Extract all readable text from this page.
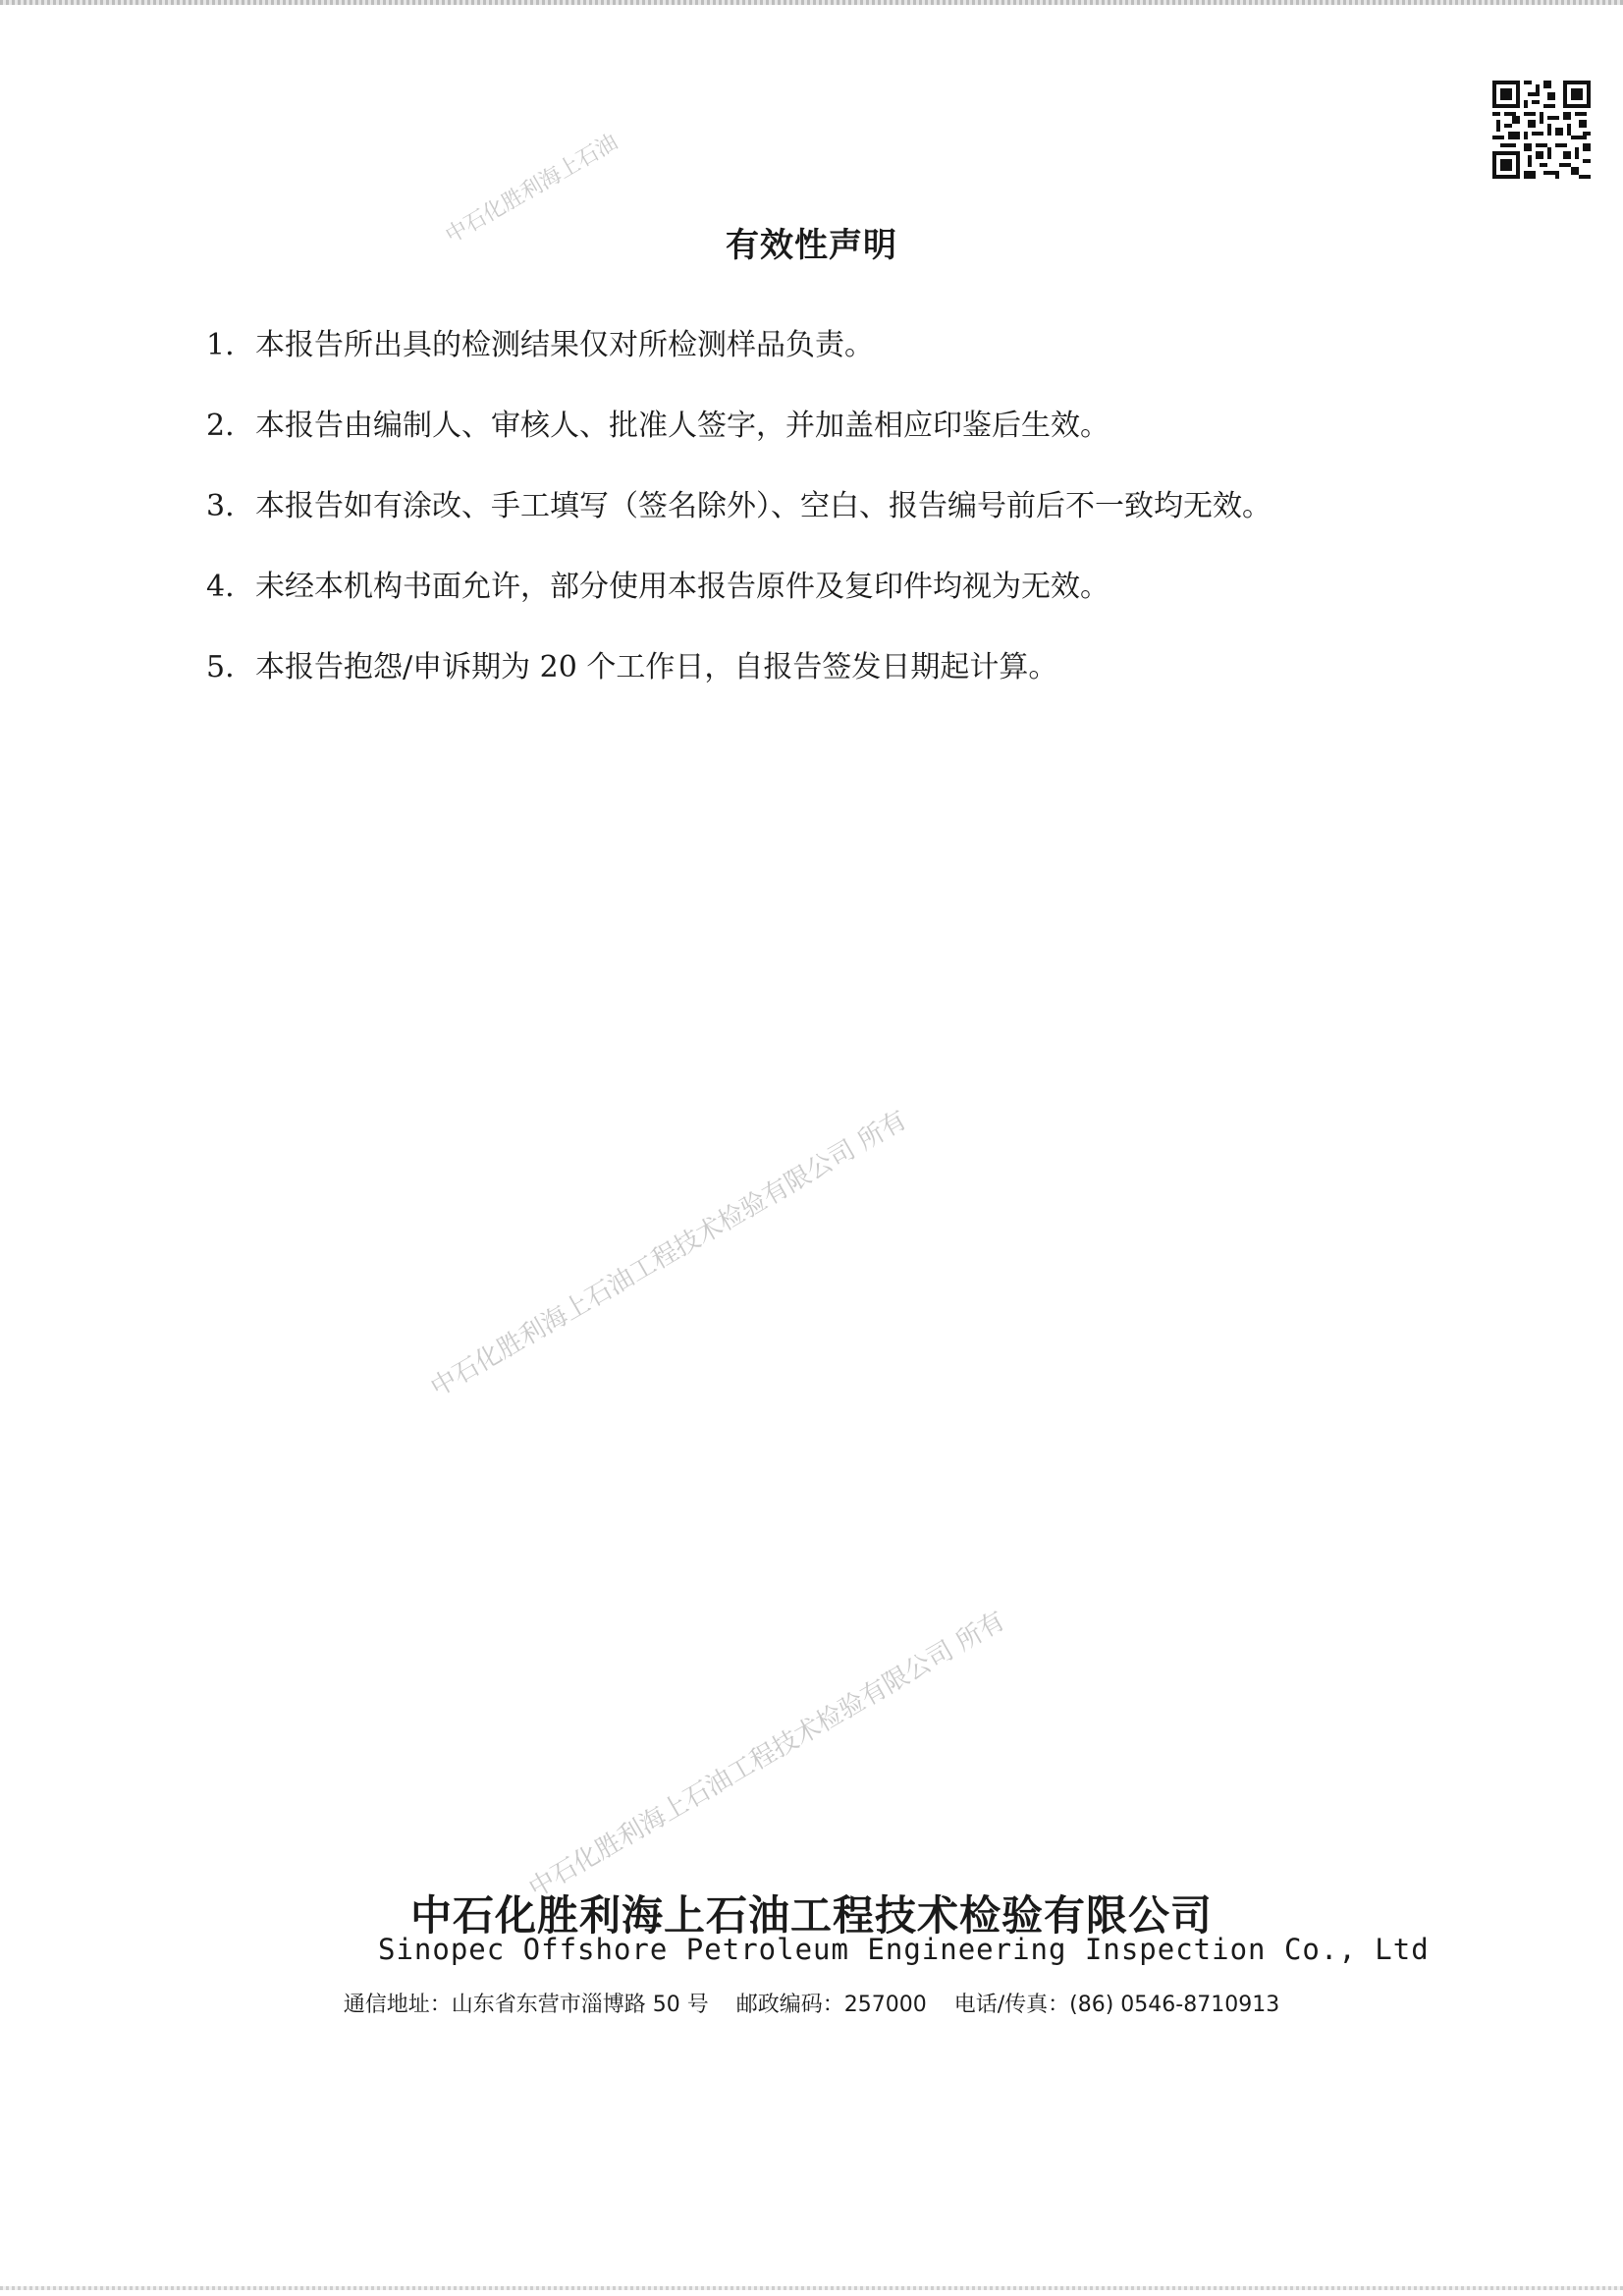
中石化胜利海上石油
中石化胜利海上石油工程技术检验有限公司 所有
中石化胜利海上石油工程技术检验有限公司 所有
有效性声明
1. 本报告所出具的检测结果仅对所检测样品负责。
2. 本报告由编制人、审核人、批准人签字，并加盖相应印鉴后生效。
3. 本报告如有涂改、手工填写（签名除外）、空白、报告编号前后不一致均无效。
4. 未经本机构书面允许，部分使用本报告原件及复印件均视为无效。
5. 本报告抱怨/申诉期为 20 个工作日，自报告签发日期起计算。
中石化胜利海上石油工程技术检验有限公司
Sinopec Offshore Petroleum Engineering Inspection Co., Ltd
通信地址：山东省东营市淄博路 50 号 邮政编码：257000 电话/传真：(86) 0546-8710913
